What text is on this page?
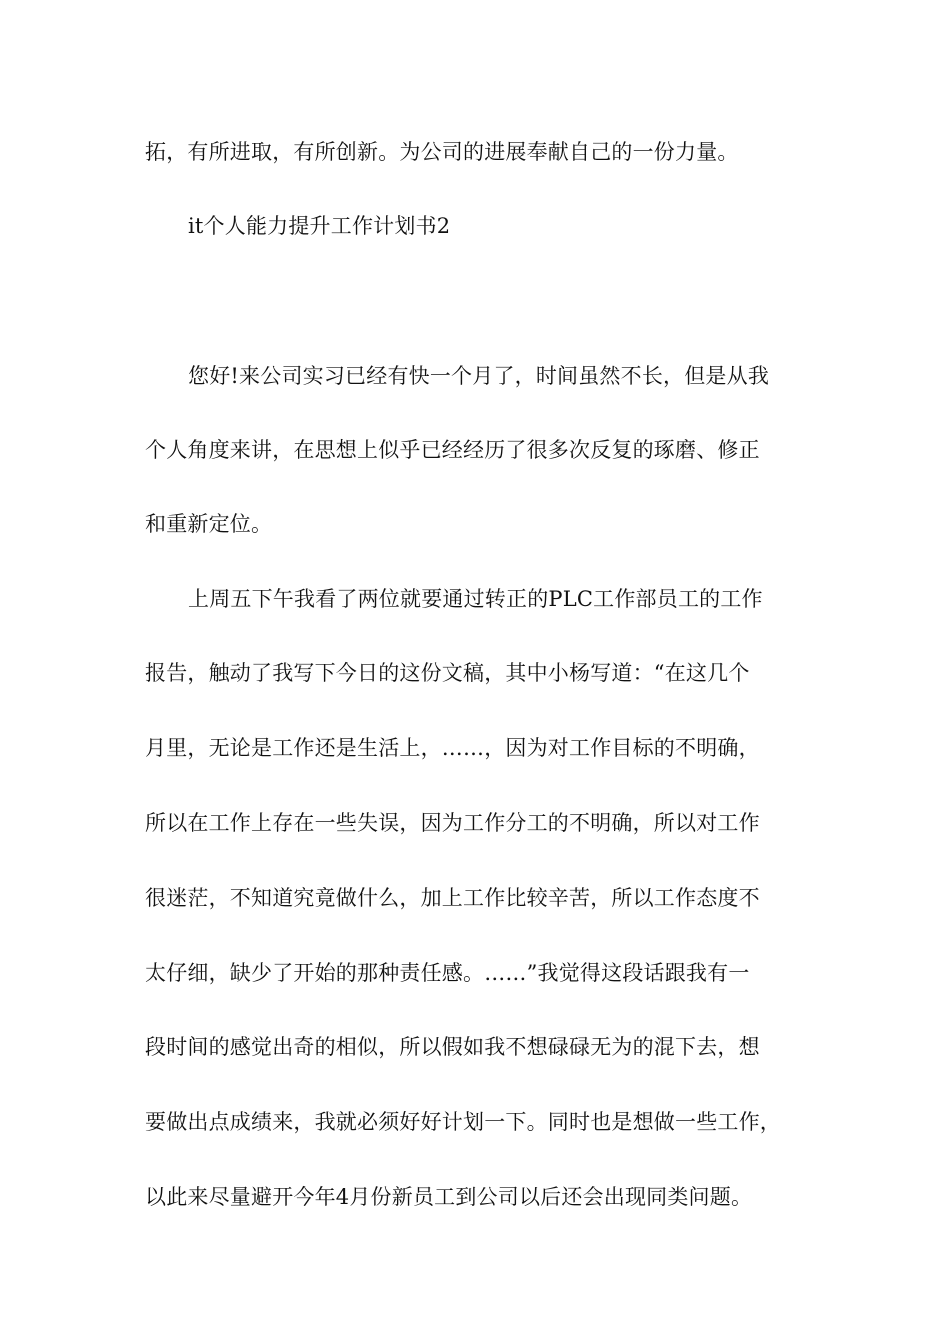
拓，有所进取，有所创新。为公司的进展奉献自己的一份力量。
it个人能力提升工作计划书2
您好!来公司实习已经有快一个月了，时间虽然不长，但是从我
个人角度来讲，在思想上似乎已经经历了很多次反复的琢磨、修正
和重新定位。
上周五下午我看了两位就要通过转正的PLC工作部员工的工作
报告，触动了我写下今日的这份文稿，其中小杨写道：“在这几个
月里，无论是工作还是生活上，……，因为对工作目标的不明确，
所以在工作上存在一些失误，因为工作分工的不明确，所以对工作
很迷茫，不知道究竟做什么，加上工作比较辛苦，所以工作态度不
太仔细，缺少了开始的那种责任感。……”我觉得这段话跟我有一
段时间的感觉出奇的相似，所以假如我不想碌碌无为的混下去，想
要做出点成绩来，我就必须好好计划一下。同时也是想做一些工作，
以此来尽量避开今年4月份新员工到公司以后还会出现同类问题。
